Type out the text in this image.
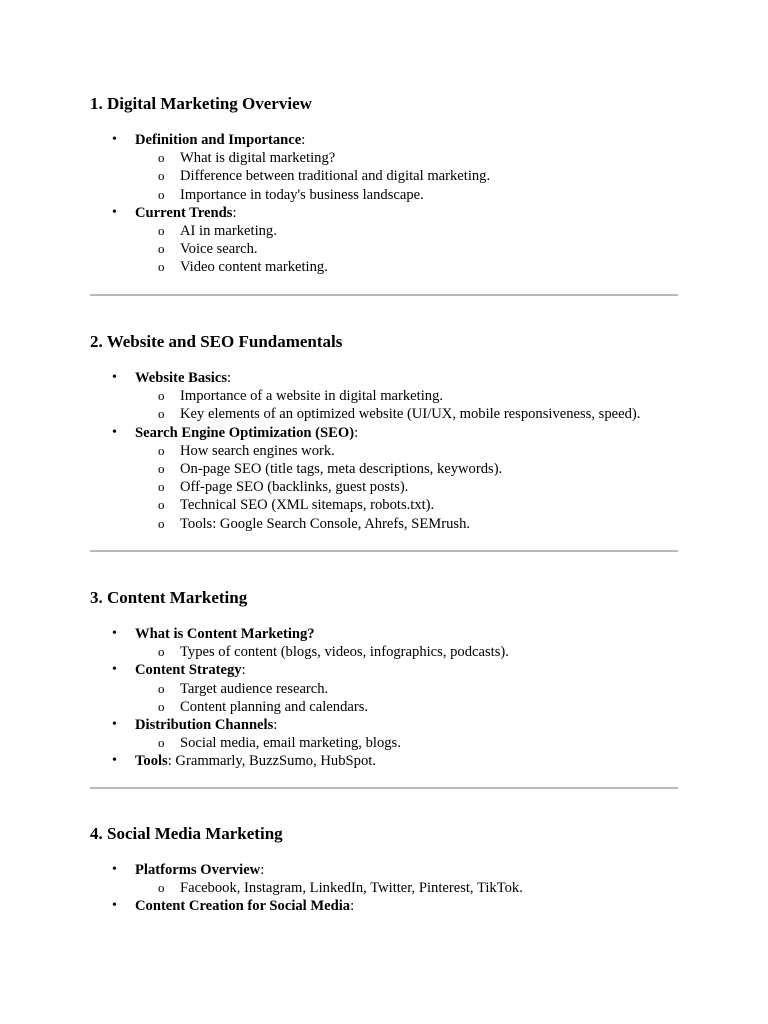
1. Digital Marketing Overview
• Definition and Importance:
o What is digital marketing?
o Difference between traditional and digital marketing.
o Importance in today's business landscape.
• Current Trends:
o AI in marketing.
o Voice search.
o Video content marketing.
2. Website and SEO Fundamentals
• Website Basics:
o Importance of a website in digital marketing.
o Key elements of an optimized website (UI/UX, mobile responsiveness, speed).
• Search Engine Optimization (SEO):
o How search engines work.
o On-page SEO (title tags, meta descriptions, keywords).
o Off-page SEO (backlinks, guest posts).
o Technical SEO (XML sitemaps, robots.txt).
o Tools: Google Search Console, Ahrefs, SEMrush.
3. Content Marketing
• What is Content Marketing?
o Types of content (blogs, videos, infographics, podcasts).
• Content Strategy:
o Target audience research.
o Content planning and calendars.
• Distribution Channels:
o Social media, email marketing, blogs.
• Tools: Grammarly, BuzzSumo, HubSpot.
4. Social Media Marketing
• Platforms Overview:
o Facebook, Instagram, LinkedIn, Twitter, Pinterest, TikTok.
• Content Creation for Social Media:
